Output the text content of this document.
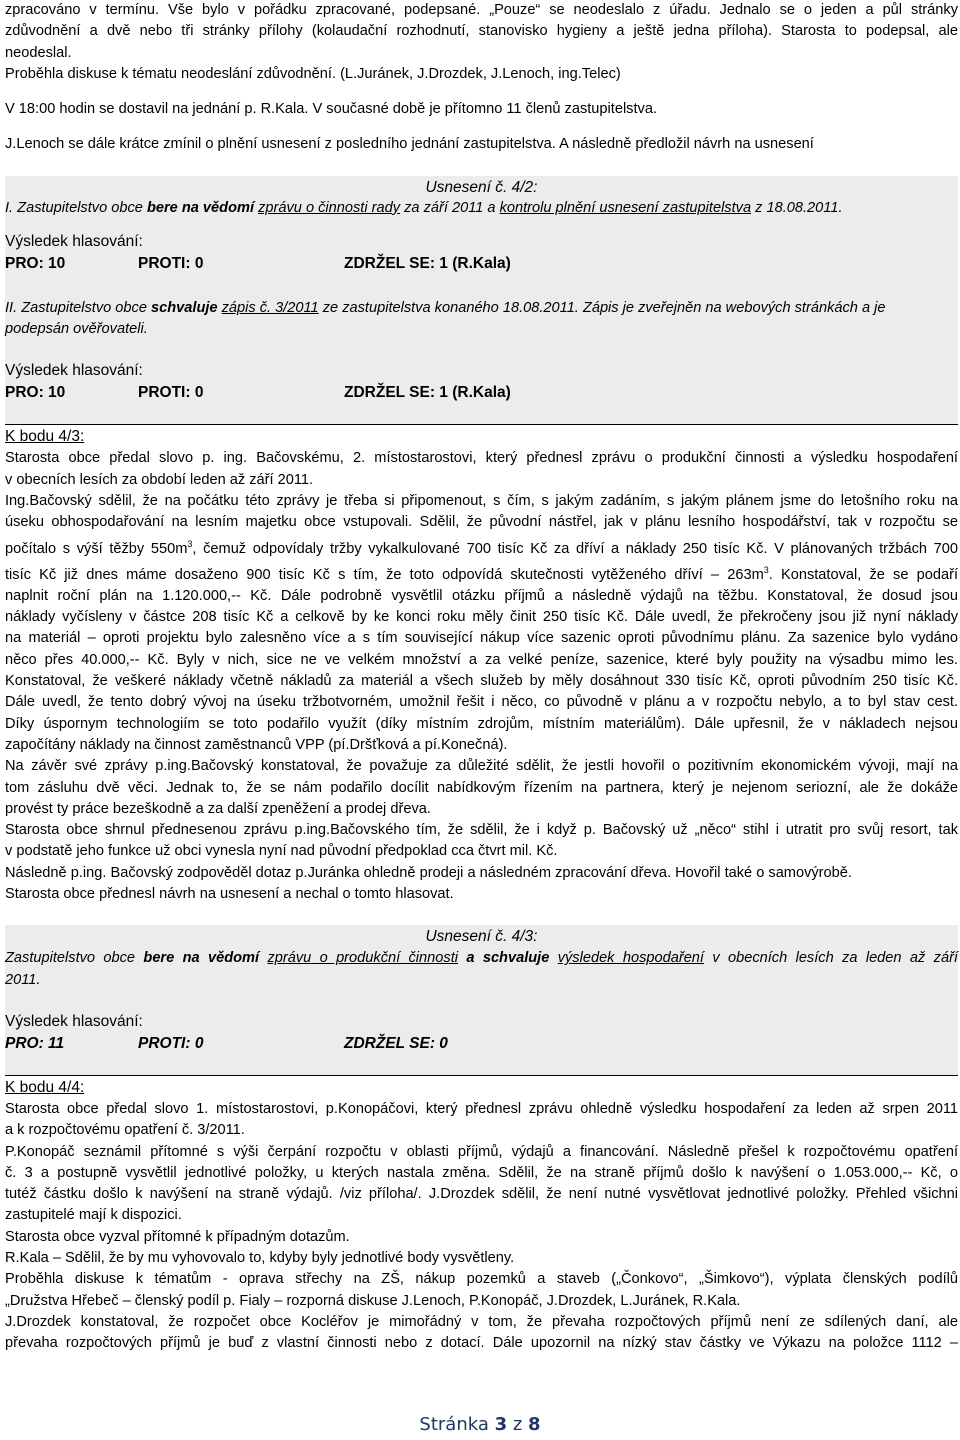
zpracováno v termínu. Vše bylo v pořádku zpracované, podepsané. „Pouze“ se neodeslalo z úřadu. Jednalo se o jeden a půl stránky

zdůvodnění a dvě nebo tři stránky přílohy (kolaudační rozhodnutí, stanovisko hygieny a ještě jedna příloha). Starosta to podepsal, ale

neodeslal.

Proběhla diskuse k tématu neodeslání zdůvodnění. (L.Juránek, J.Drozdek, J.Lenoch, ing.Telec)

V 18:00 hodin se dostavil na jednání p. R.Kala. V současné době je přítomno 11 členů zastupitelstva.

J.Lenoch se dále krátce zmínil o plnění usnesení z posledního jednání zastupitelstva. A následně předložil návrh na usnesení

Usnesení č. 4/2:

I. Zastupitelstvo obce bere na vědomí zprávu o činnosti rady za září 2011 a kontrolu plnění usnesení zastupitelstva z 18.08.2011.

Výsledek hlasování:

PRO: 10	PROTI: 0	ZDRŽEL SE: 1 (R.Kala)

II. Zastupitelstvo obce schvaluje zápis č. 3/2011 ze zastupitelstva konaného 18.08.2011. Zápis je zveřejněn na webových stránkách a je

podepsán ověřovateli.

Výsledek hlasování:

PRO: 10	PROTI: 0	ZDRŽEL SE: 1 (R.Kala)

K bodu 4/3:

Starosta obce předal slovo p. ing. Bačovskému, 2. místostarostovi, který přednesl zprávu o produkční činnosti a výsledku hospodaření

v obecních lesích za období leden až září 2011.

Ing.Bačovský sdělil, že na počátku této zprávy je třeba si připomenout, s čím, s jakým zadáním, s jakým plánem jsme do letošního roku na

úseku obhospodařování na lesním majetku obce vstupovali. Sdělil, že původní nástřel, jak v plánu lesního hospodářství, tak v rozpočtu se

počítalo s výší těžby $550m^3$, čemuž odpovídaly tržby vykalkulované 700 tisíc Kč za dříví a náklady 250 tisíc Kč. V plánovaných tržbách 700

tisíc Kč již dnes máme dosaženo 900 tisíc Kč s tím, že toto odpovídá skutečnosti vytěženého dříví – $263m^3$. Konstatoval, že se podaří

naplnit roční plán na 1.120.000,-- Kč. Dále podrobně vysvětlil otázku příjmů a následně výdajů na těžbu. Konstatoval, že dosud jsou

náklady vyčísleny v částce 208 tisíc Kč a celkově by ke konci roku měly činit 250 tisíc Kč. Dále uvedl, že překročeny jsou již nyní náklady

na materiál – oproti projektu bylo zalesněno více a s tím související nákup více sazenic oproti původnímu plánu. Za sazenice bylo vydáno

něco přes 40.000,-- Kč. Byly v nich, sice ne ve velkém množství a za velké peníze, sazenice, které byly použity na výsadbu mimo les.

Konstatoval, že veškeré náklady včetně nákladů za materiál a všech služeb by měly dosáhnout 330 tisíc Kč, oproti původním 250 tisíc Kč.

Dále uvedl, že tento dobrý vývoj na úseku tržbotvorném, umožnil řešit i něco, co původně v plánu a v rozpočtu nebylo, a to byl stav cest.

Díky úspornym technologiím se toto podařilo využít (díky místním zdrojům, místním materiálům). Dále upřesnil, že v nákladech nejsou

započítány náklady na činnost zaměstnanců VPP (pí.Dršťková a pí.Konečná).

Na závěr své zprávy p.ing.Bačovský konstatoval, že považuje za důležité sdělit, že jestli hovořil o pozitivním ekonomickém vývoji, mají na

tom zásluhu dvě věci. Jednak to, že se nám podařilo docílit nabídkovým řízením na partnera, který je nejenom seriozní, ale že dokáže

provést ty práce bezeškodně a za další zpeněžení a prodej dřeva.

Starosta obce shrnul přednesenou zprávu p.ing.Bačovského tím, že sdělil, že i když p. Bačovský už „něco“ stihl i utratit pro svůj resort, tak

v podstatě jeho funkce už obci vynesla nyní nad původní předpoklad cca čtvrt mil. Kč.

Následně p.ing. Bačovský zodpověděl dotaz p.Juránka ohledně prodeji a následném zpracování dřeva. Hovořil také o samovýrobě.

Starosta obce přednesl návrh na usnesení a nechal o tomto hlasovat.

Usnesení č. 4/3:

Zastupitelstvo obce bere na vědomí zprávu o produkční činnosti a schvaluje výsledek hospodaření v obecních lesích za leden až září

2011.

Výsledek hlasování:

PRO: 11	PROTI: 0	ZDRŽEL SE: 0

K bodu 4/4:

Starosta obce předal slovo 1. místostarostovi, p.Konopáčovi, který přednesl zprávu ohledně výsledku hospodaření za leden až srpen 2011

a k rozpočtovému opatření č. 3/2011.

P.Konopáč seznámil přítomné s výši čerpání rozpočtu v oblasti příjmů, výdajů a financování. Následně přešel k rozpočtovému opatření

č. 3 a postupně vysvětlil jednotlivé položky, u kterých nastala změna. Sdělil, že na straně příjmů došlo k navýšení o 1.053.000,-- Kč, o

tutéž částku došlo k navýšení na straně výdajů. /viz příloha/. J.Drozdek sdělil, že není nutné vysvětlovat jednotlivé položky. Přehled všichni

zastupitelé mají k dispozici.

Starosta obce vyzval přítomné k případným dotazům.

R.Kala – Sdělil, že by mu vyhovovalo to, kdyby byly jednotlivé body vysvětleny.

Proběhla diskuse k tématům - oprava střechy na ZŠ, nákup pozemků a staveb („Čonkovo“, „Šimkovo“), výplata členských podílů

„Družstva Hřebeč – členský podíl p. Fialy – rozporná diskuse J.Lenoch, P.Konopáč, J.Drozdek, L.Juránek, R.Kala.

J.Drozdek konstatoval, že rozpočet obce Kocléřov je mimořádný v tom, že převaha rozpočtových příjmů není ze sdílených daní, ale

převaha rozpočtových příjmů je buď z vlastní činnosti nebo z dotací. Dále upozornil na nízký stav částky ve Výkazu na položce 1112 –

Stránka 3 z 8
